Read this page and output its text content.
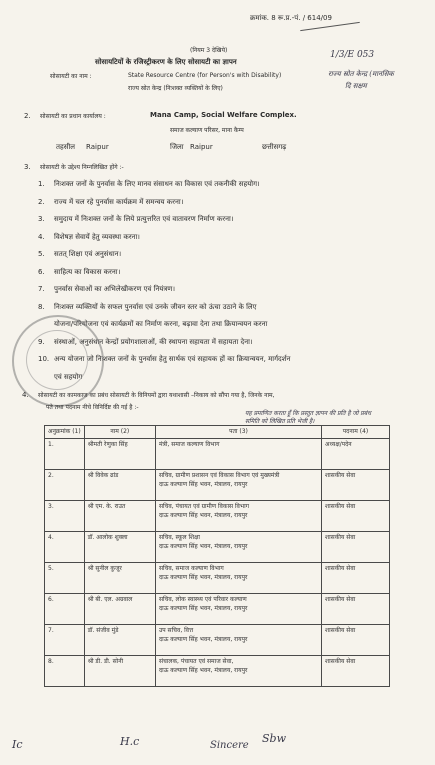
क्रमांक. 8 रू.प्र.-पं. / 614/09
(नियम 3 देखिये)
सोसायटियों के रजिस्ट्रीकरण के लिए सोसायटी का ज्ञापन
1/3/E 053
राज्य स्रोत केन्द्र (मानसिक
दि सक्षम
सोसायटी का नाम :	State Resource Centre (for Person's with Disability)
राज्य स्रोत केन्द्र (निःशक्त व्यक्तियों के लिए)
2. सोसायटी का प्रधान कार्यालय :	Mana Camp, Social Welfare Complex.
समाज कल्याण परिसर, माना कैम्प
तहसील Raipur	जिला Raipur	छत्तीसगढ़
3. सोसायटी के उद्देश्य निम्नलिखित होंगे :-
1. निःशक्त जनों के पुनर्वास के लिए मानव संसाधन का विकास एवं तकनीकी सहयोग।
2. राज्य में चल रहे पुनर्वास कार्यक्रम में समन्वय करना।
3. समुदाय में निःशक्त जनों के लिये प्रत्युत्तरित एवं वातावरण निर्माण करना।
4. विशेषज्ञ सेवायें हेतु व्यवस्था करना।
5. सतत् शिक्षा एवं अनुसंधान।
6. साहित्य का विकास करना।
7. पुनर्वास सेवाओं का अभिलेखीकरण एवं नियंत्रण।
8. निःशक्त व्यक्तियों के सफल पुनर्वास एवं उनके जीवन स्तर को ऊंचा उठाने के लिए
योजना/परियोजना एवं कार्यक्रमों का निर्माण करना, बढ़ावा देना तथा क्रियान्वयन करना
9. संस्थाओं, अनुसंधान केन्द्रों प्रयोगशालाओं, की स्थापना सहायता में सहायता देना।
10. अन्य योजना जो निःशक्त जनों के पुनर्वास हेतु सार्थक एवं सहायक हों का क्रियान्वयन, मार्गदर्शन
एवं सहयोग
4. सोसायटी का कामकाज का प्रबंध सोसायटी के विनियमों द्वारा यथाशासी –निकाय को सौंपा गया है, जिनके नाम,
पते तथा पदनाम नीचे विनिर्दिष्ट की गई है :-
यह प्रमाणित करता हूँ कि प्रस्तुत ज्ञापन की प्रति है जो प्रबंध समिति को लिखित प्रति भेजी है।
अनुक्रमांक (1)	नाम (2)	पता (3)	पदनाम (4)

1.	श्रीमती रेणुका सिंह	मंत्री, समाज कल्याण विभाग	अध्यक्ष/पदेन

2.	श्री विवेक ढांड	सचिव, ग्रामीण प्रशासन एवं विकास विभाग एवं मुख्यमंत्री
दाऊ कल्याण सिंह भवन, मंत्रालय, रायपुर	शासकीय सेवा

3.	श्री एम. के. राउत	सचिव, पंचायत एवं ग्रामीण विकास विभाग
दाऊ कल्याण सिंह भवन, मंत्रालय, रायपुर	शासकीय सेवा

4.	डॉ. आलोक शुक्ला	सचिव, स्कूल शिक्षा
दाऊ कल्याण सिंह भवन, मंत्रालय, रायपुर	शासकीय सेवा

5.	श्री सुनील कुजूर	सचिव, समाज कल्याण विभाग
दाऊ कल्याण सिंह भवन, मंत्रालय, रायपुर	शासकीय सेवा

6.	श्री बी. एल. अग्रवाल	सचिव, लोक स्वास्थ्य एवं परिवार कल्याण
दाऊ कल्याण सिंह भवन, मंत्रालय, रायपुर	शासकीय सेवा

7.	डॉ. संजीव मुंडे	उप सचिव, वित्त
दाऊ कल्याण सिंह भवन, मंत्रालय, रायपुर	शासकीय सेवा

8.	श्री डी. डी. सोनी	संचालक, पंचायत एवं समाज सेवा,
दाऊ कल्याण सिंह भवन, मंत्रालय, रायपुर	शासकीय सेवा
Ic	H.c	Sincere
Sbw
